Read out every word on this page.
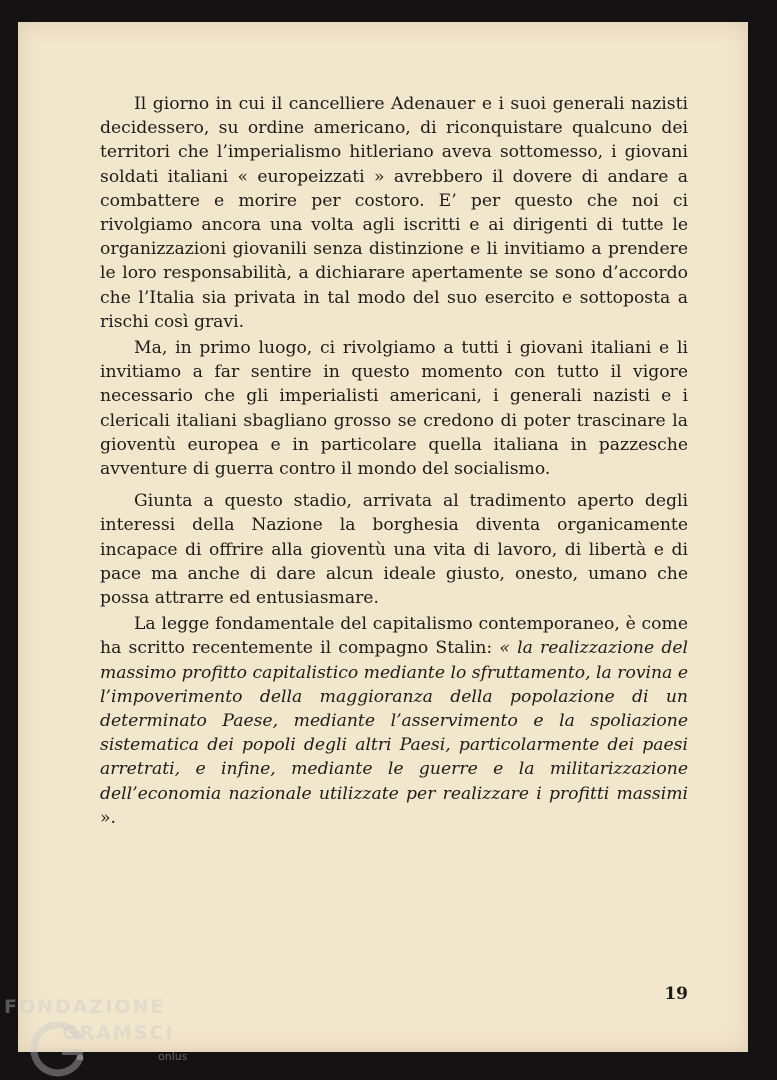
Il giorno in cui il cancelliere Adenauer e i suoi generali nazisti decidessero, su ordine americano, di riconquistare qualcuno dei territori che l’imperialismo hitleriano aveva sottomesso, i giovani soldati italiani « europeizzati » avrebbero il dovere di andare a combattere e morire per costoro. E’ per questo che noi ci rivolgiamo ancora una volta agli iscritti e ai dirigenti di tutte le organizzazioni giovanili senza distinzione e li invitiamo a prendere le loro responsabilità, a dichiarare apertamente se sono d’accordo che l’Italia sia privata in tal modo del suo esercito e sottoposta a rischi così gravi.

Ma, in primo luogo, ci rivolgiamo a tutti i giovani italiani e li invitiamo a far sentire in questo momento con tutto il vigore necessario che gli imperialisti americani, i generali nazisti e i clericali italiani sbagliano grosso se credono di poter trascinare la gioventù europea e in particolare quella italiana in pazzesche avventure di guerra contro il mondo del socialismo.

Giunta a questo stadio, arrivata al tradimento aperto degli interessi della Nazione la borghesia diventa organicamente incapace di offrire alla gioventù una vita di lavoro, di libertà e di pace ma anche di dare alcun ideale giusto, onesto, umano che possa attrarre ed entusiasmare.

La legge fondamentale del capitalismo contemporaneo, è come ha scritto recentemente il compagno Stalin: « la realizzazione del massimo profitto capitalistico mediante lo sfruttamento, la rovina e l’impoverimento della maggioranza della popolazione di un determinato Paese, mediante l’asservimento e la spoliazione sistematica dei popoli degli altri Paesi, particolarmente dei paesi arretrati, e infine, mediante le guerre e la militarizzazione dell’economia nazionale utilizzate per realizzare i profitti massimi ».

19
FONDAZIONE
GRAMSCI
onlus
